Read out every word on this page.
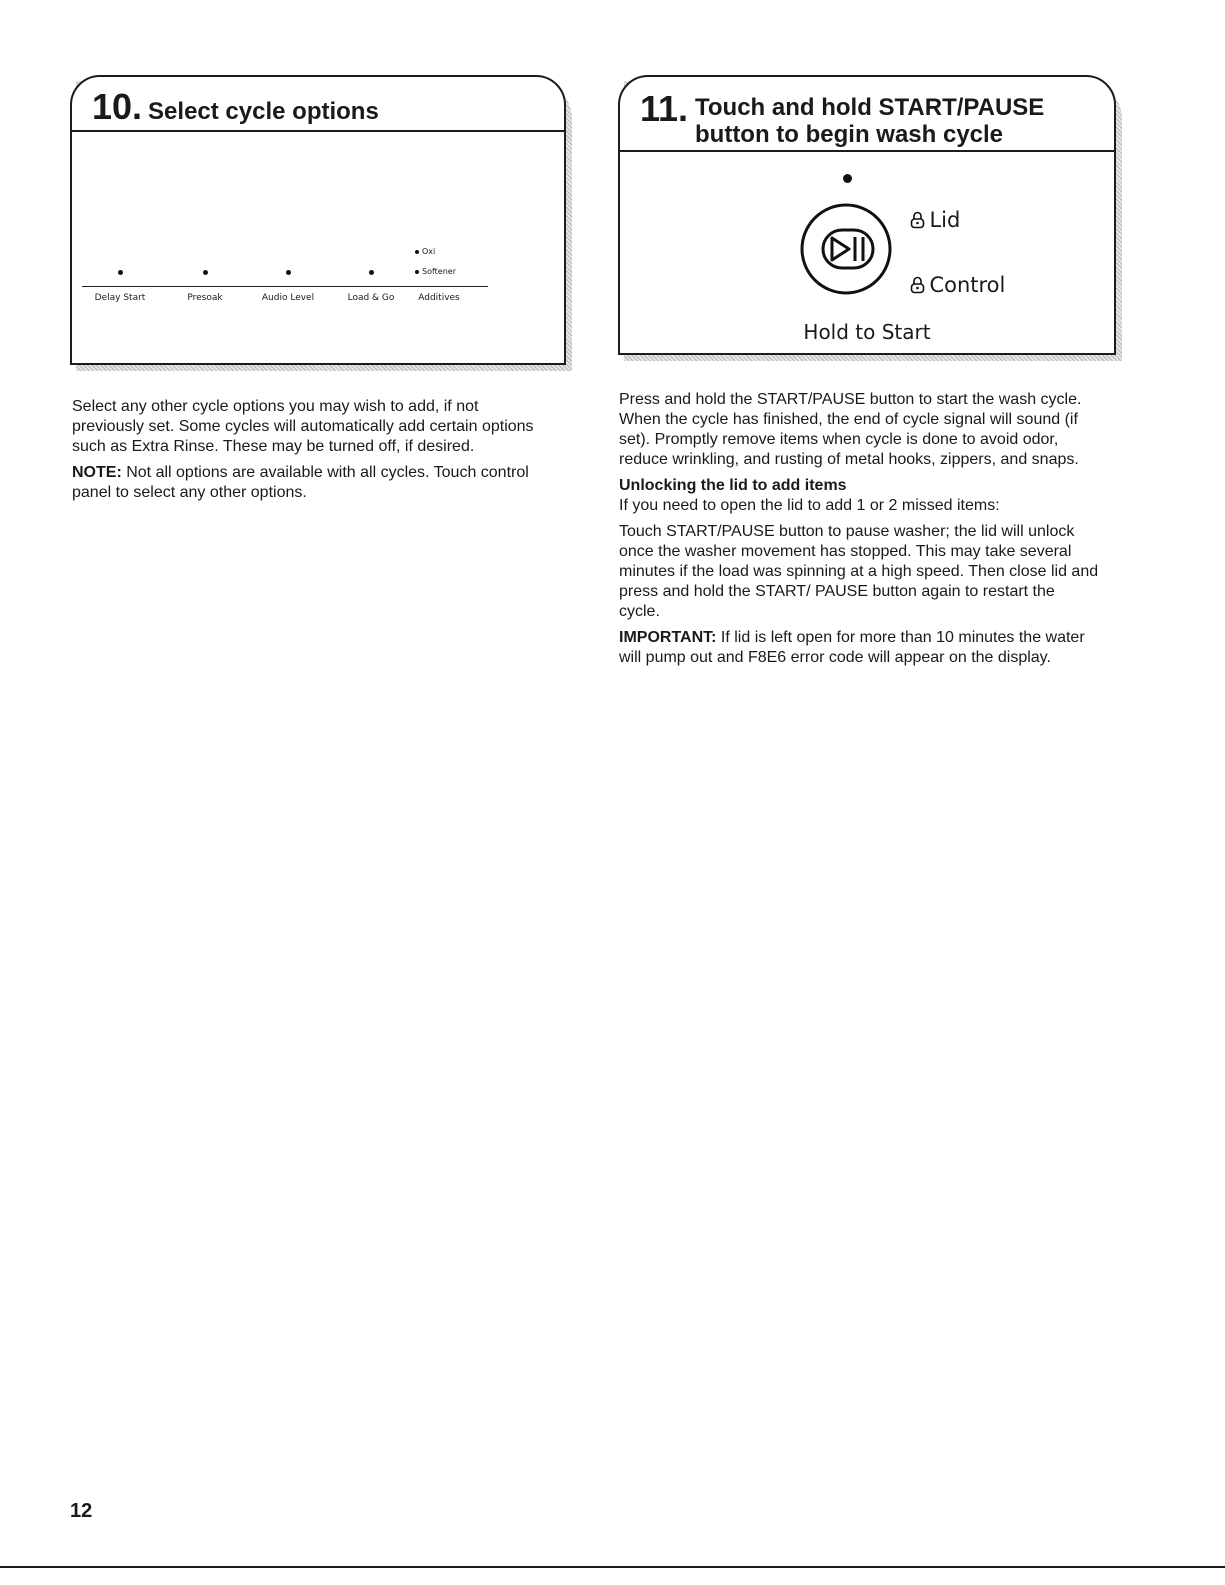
10. Select cycle options
Oxi
Softener
Delay Start	Presoak	Audio Level	Load & Go	Additives
11. Touch and hold START/PAUSE
button to begin wash cycle
Lid
Control
Hold to Start

Select any other cycle options you may wish to add, if not previously set. Some cycles will automatically add certain options such as Extra Rinse. These may be turned off, if desired.

NOTE: Not all options are available with all cycles. Touch control panel to select any other options.

Press and hold the START/PAUSE button to start the wash cycle. When the cycle has finished, the end of cycle signal will sound (if set). Promptly remove items when cycle is done to avoid odor, reduce wrinkling, and rusting of metal hooks, zippers, and snaps.

Unlocking the lid to add items

If you need to open the lid to add 1 or 2 missed items:

Touch START/PAUSE button to pause washer; the lid will unlock once the washer movement has stopped. This may take several minutes if the load was spinning at a high speed. Then close lid and press and hold the START/ PAUSE button again to restart the cycle.

IMPORTANT: If lid is left open for more than 10 minutes the water will pump out and F8E6 error code will appear on the display.

12
